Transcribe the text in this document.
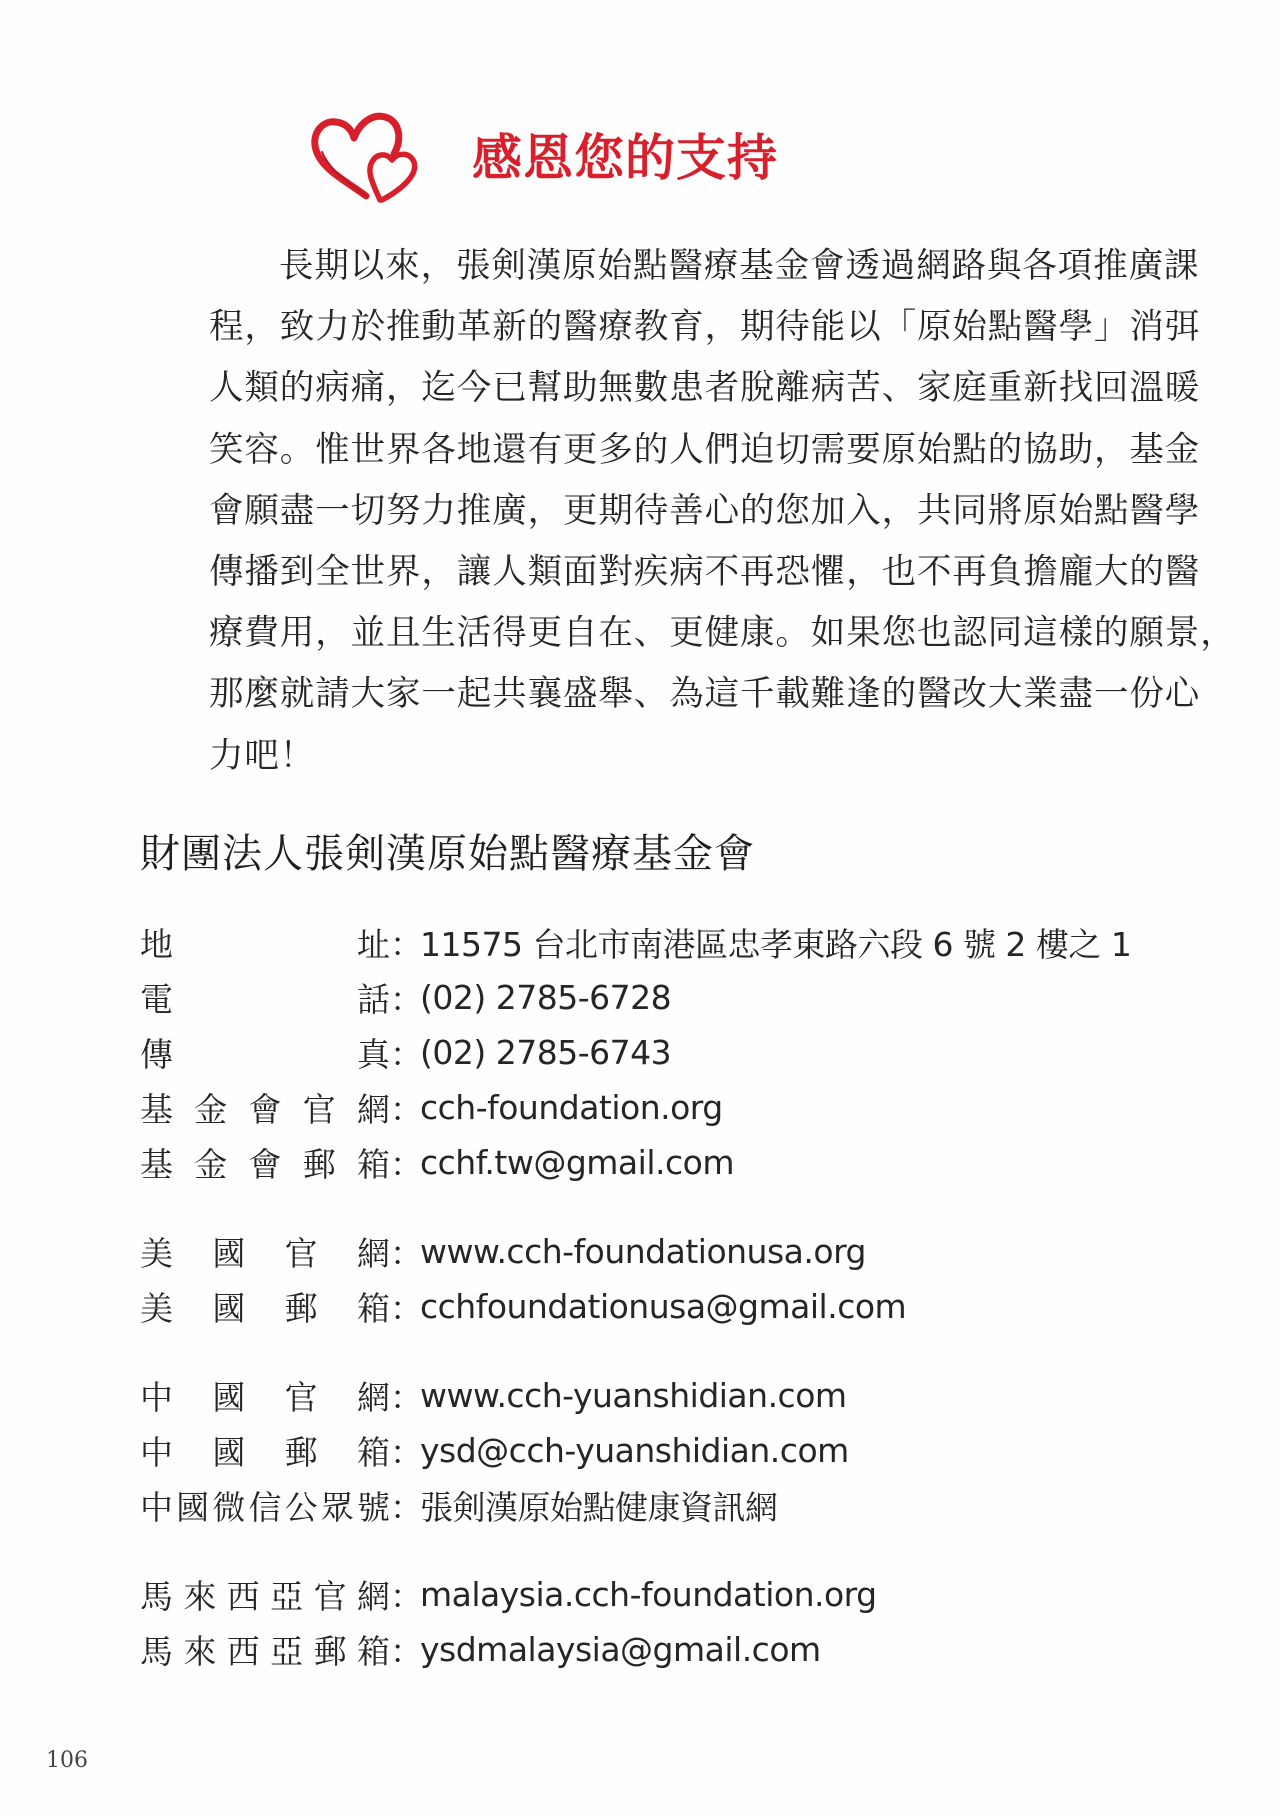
感恩您的支持
長期以來，張剣漢原始點醫療基金會透過網路與各項推廣課
程，致力於推動革新的醫療教育，期待能以「原始點醫學」消弭
人類的病痛，迄今已幫助無數患者脫離病苦、家庭重新找回溫暖
笑容。惟世界各地還有更多的人們迫切需要原始點的協助，基金
會願盡一切努力推廣，更期待善心的您加入，共同將原始點醫學
傳播到全世界，讓人類面對疾病不再恐懼，也不再負擔龐大的醫
療費用，並且生活得更自在、更健康。如果您也認同這樣的願景，
那麼就請大家一起共襄盛舉、為這千載難逢的醫改大業盡一份心
力吧！
財團法人張剣漢原始點醫療基金會
地	址 ：
11575 台北市南港區忠孝東路六段 6 號 2 樓之 1
電	話 ：
(02) 2785-6728
傳	真 ：
(02) 2785-6743
基 金 會 官 網 ：
cch-foundation.org
基 金 會 郵 箱 ：
cchf.tw@gmail.com
美 國 官 網 ：
www.cch-foundationusa.org
美 國 郵 箱 ：
cchfoundationusa@gmail.com
中 國 官 網 ：
www.cch-yuanshidian.com
中 國 郵 箱 ：
ysd@cch-yuanshidian.com
中 國 微 信 公 眾 號 ：
張剣漢原始點健康資訊網
馬 來 西 亞 官 網 ：
malaysia.cch-foundation.org
馬 來 西 亞 郵 箱 ：
ysdmalaysia@gmail.com
106
